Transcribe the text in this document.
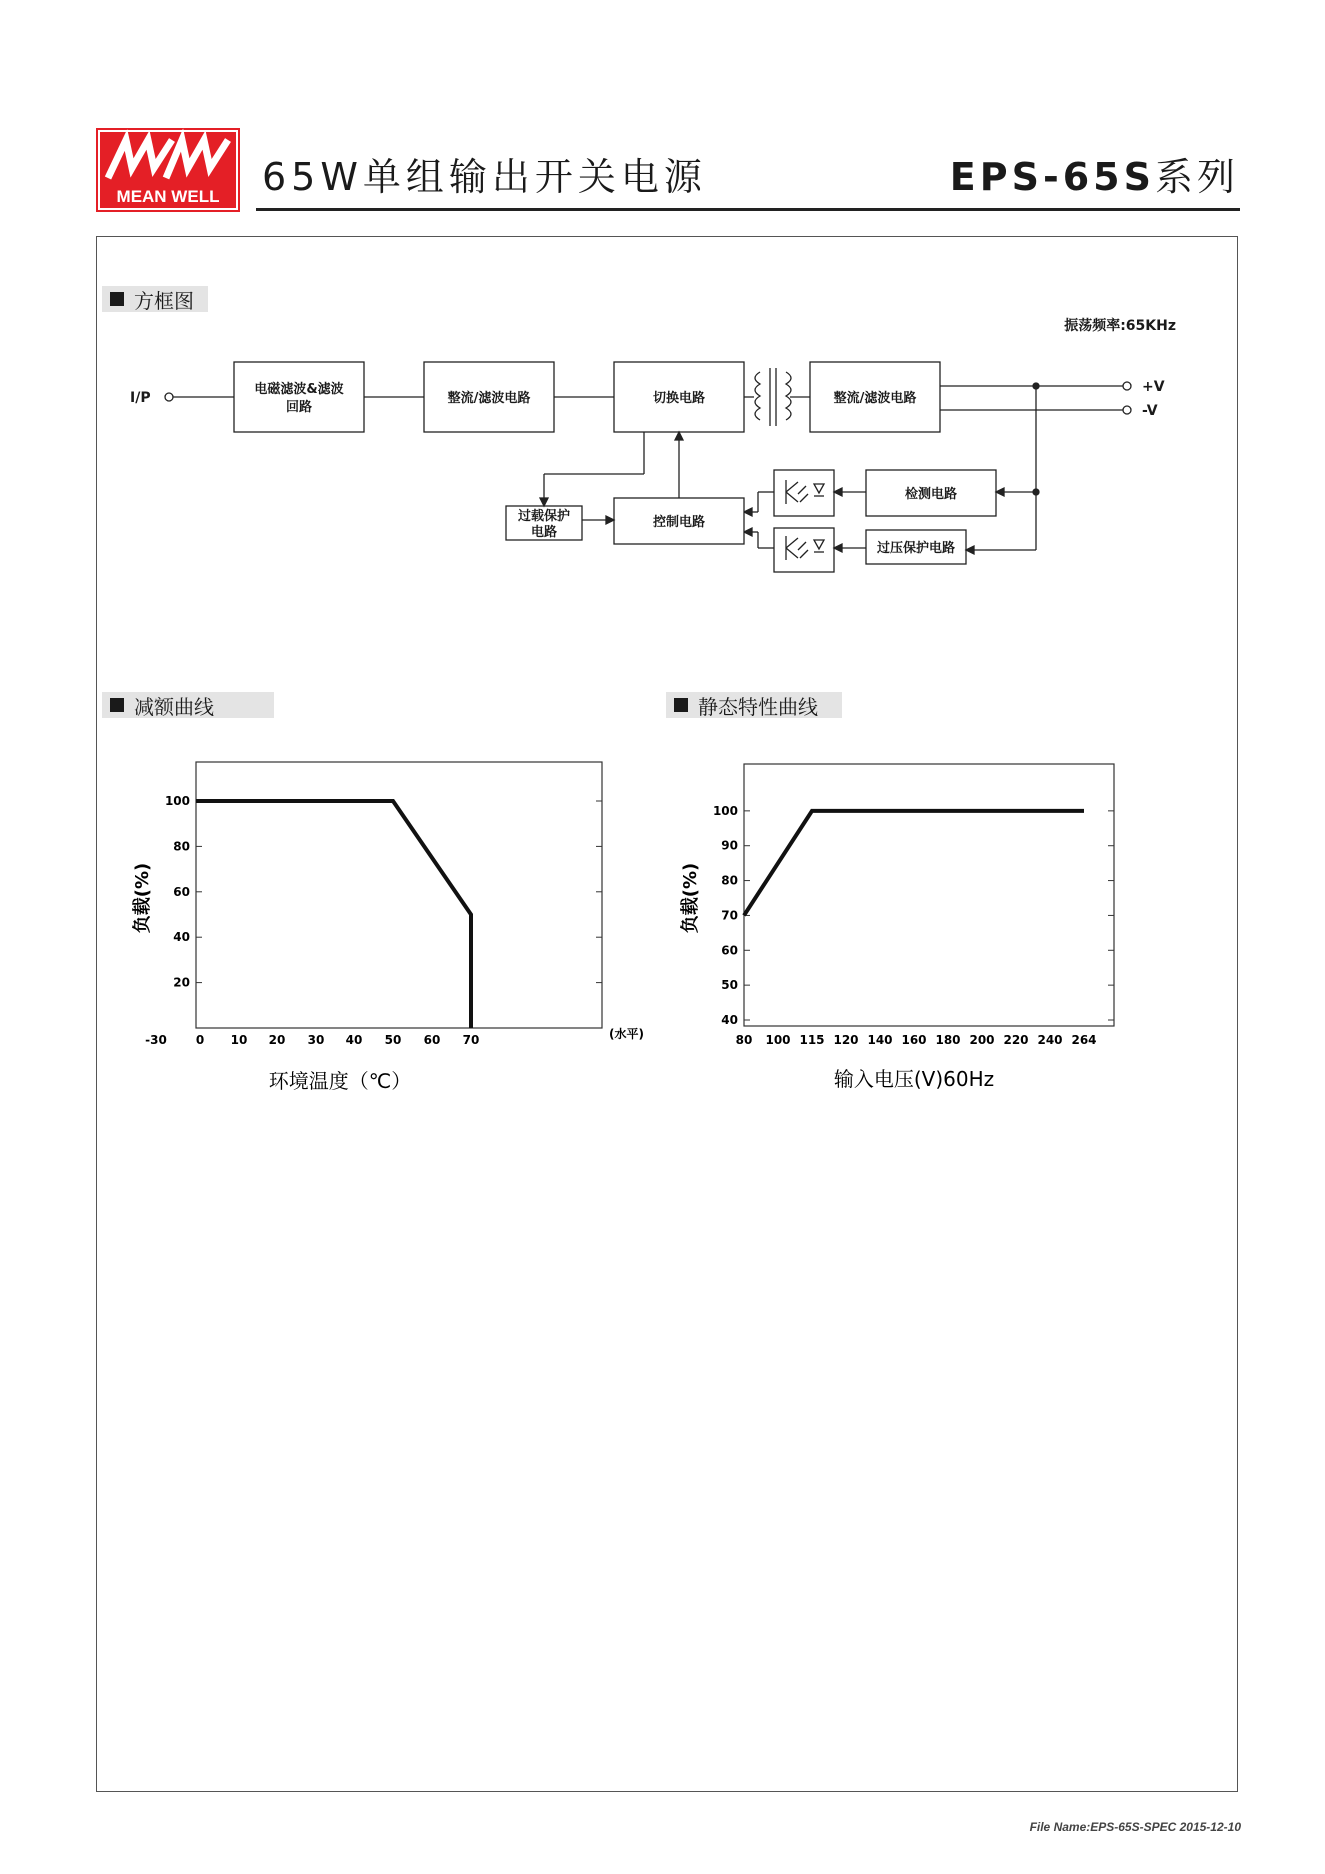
MEAN WELL 65W单组输出开关电源	EPS-65S系列
方框图
减额曲线	静态特性曲线
振荡频率:65KHz
I/P
+V
-V
电磁滤波&滤波
回路
整流/滤波电路	切换电路	整流/滤波电路
过载保护
电路
控制电路
检测电路
过压保护电路
-30 0 10 20 30 40 50 60 70
20
40
60
80
100
(水平)
环境温度（℃）
负载(%)
80 100 115 120 140 160 180 200 220 240 264
40
50
60
70
80
90
100
输入电压(V)60Hz
负载(%)
File Name:EPS-65S-SPEC 2015-12-10
